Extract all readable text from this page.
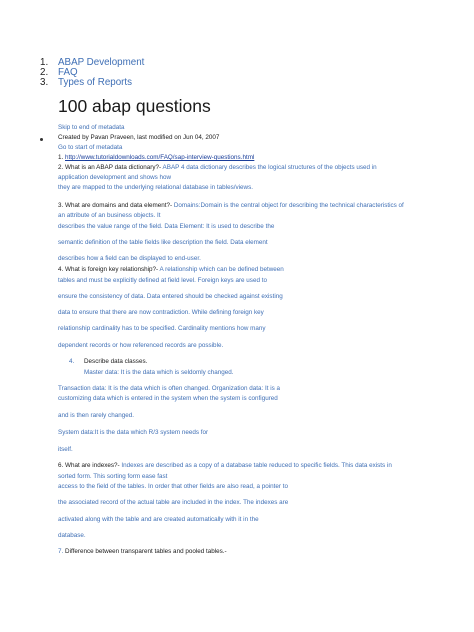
1. ABAP Development
2. FAQ
3. Types of Reports
100 abap questions
Skip to end of metadata
Created by Pavan Praveen, last modified on Jun 04, 2007
Go to start of metadata
1. http://www.tutorialdownloads.com/FAQ/sap-interview-questions.html
2. What is an ABAP data dictionary?- ABAP 4 data dictionary describes the logical structures of the objects used in
application development and shows how
they are mapped to the underlying relational database in tables/views.
3. What are domains and data element?- Domains:Domain is the central object for describing the technical characteristics of
an attribute of an business objects. It
describes the value range of the field. Data Element: It is used to describe the
semantic definition of the table fields like description the field. Data element
describes how a field can be displayed to end-user.
4. What is foreign key relationship?- A relationship which can be defined between
tables and must be explicitly defined at field level. Foreign keys are used to
ensure the consistency of data. Data entered should be checked against existing
data to ensure that there are now contradiction. While defining foreign key
relationship cardinality has to be specified. Cardinality mentions how many
dependent records or how referenced records are possible.
4. Describe data classes.
Master data: It is the data which is seldomly changed.
Transaction data: It is the data which is often changed. Organization data: It is a
customizing data which is entered in the system when the system is configured
and is then rarely changed.
System data:It is the data which R/3 system needs for
itself.
6. What are indexes?- Indexes are described as a copy of a database table reduced to specific fields. This data exists in
sorted form. This sorting form ease fast
access to the field of the tables. In order that other fields are also read, a pointer to
the associated record of the actual table are included in the index. The indexes are
activated along with the table and are created automatically with it in the
database.
7. Difference between transparent tables and pooled tables.-
